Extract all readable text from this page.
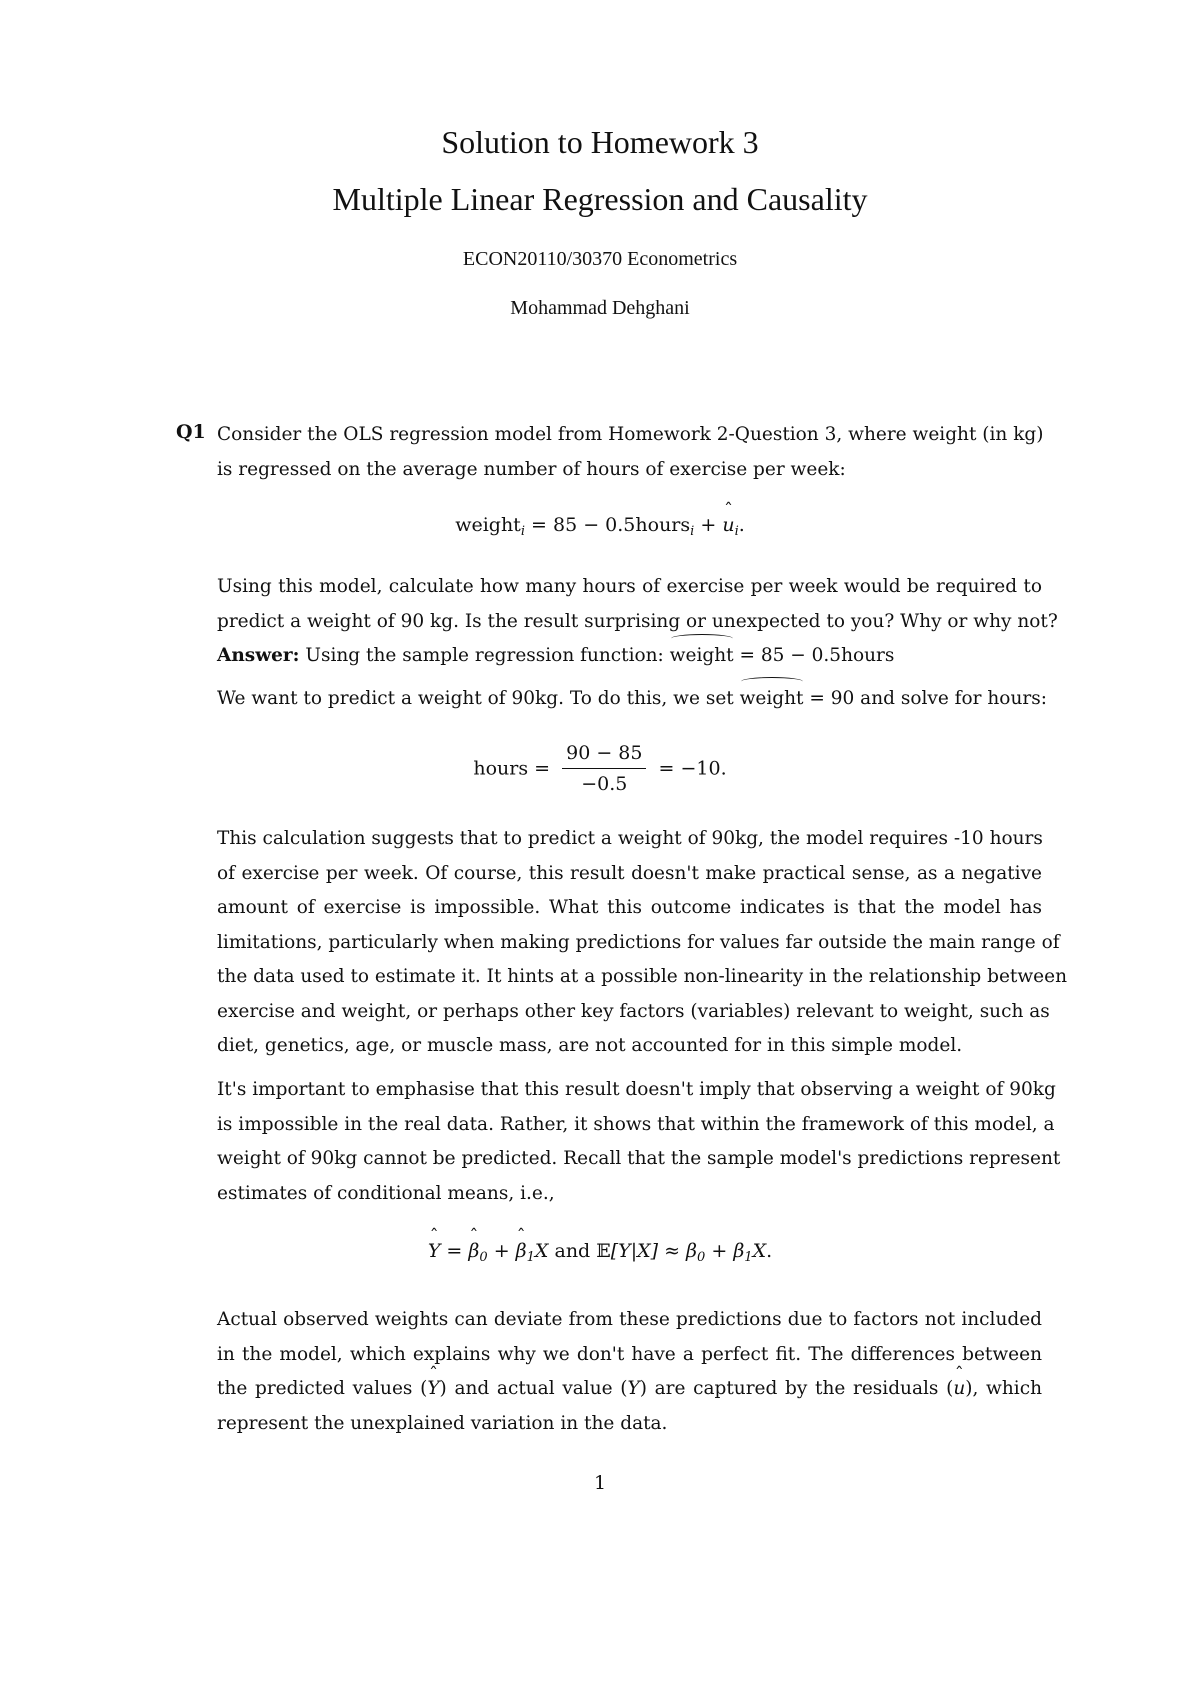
Solution to Homework 3
Multiple Linear Regression and Causality
ECON20110/30370 Econometrics
Mohammad Dehghani
Q1 Consider the OLS regression model from Homework 2-Question 3, where weight (in kg)
is regressed on the average number of hours of exercise per week:
weight$_i$ = 85 − 0.5hours$_i$ + ˆ $u_i$.
Using this model, calculate how many hours of exercise per week would be required to
predict a weight of 90 kg. Is the result surprising or unexpected to you? Why or why not?
Answer: Using the sample regression function: weight = 85 − 0.5hours
We want to predict a weight of 90kg. To do this, we set weight = 90 and solve for hours:
hours = $\frac{90 - 85}{-0.5} = -10$.
This calculation suggests that to predict a weight of 90kg, the model requires -10 hours
of exercise per week. Of course, this result doesn't make practical sense, as a negative
amount of exercise is impossible. What this outcome indicates is that the model has
limitations, particularly when making predictions for values far outside the main range of
the data used to estimate it. It hints at a possible non-linearity in the relationship between
exercise and weight, or perhaps other key factors (variables) relevant to weight, such as
diet, genetics, age, or muscle mass, are not accounted for in this simple model.
It's important to emphasise that this result doesn't imply that observing a weight of 90kg
is impossible in the real data. Rather, it shows that within the framework of this model, a
weight of 90kg cannot be predicted. Recall that the sample model's predictions represent
estimates of conditional means, i.e.,
ˆ Y = ˆ $\beta_0$ + ˆ $\beta_1X$ and 𝔼[Y|X] ≈ $\beta_0 + \beta_1X$.
Actual observed weights can deviate from these predictions due to factors not included
in the model, which explains why we don't have a perfect fit. The differences between
the predicted values (ˆ Y) and actual value (Y) are captured by the residuals (ˆ u), which
represent the unexplained variation in the data.
1
